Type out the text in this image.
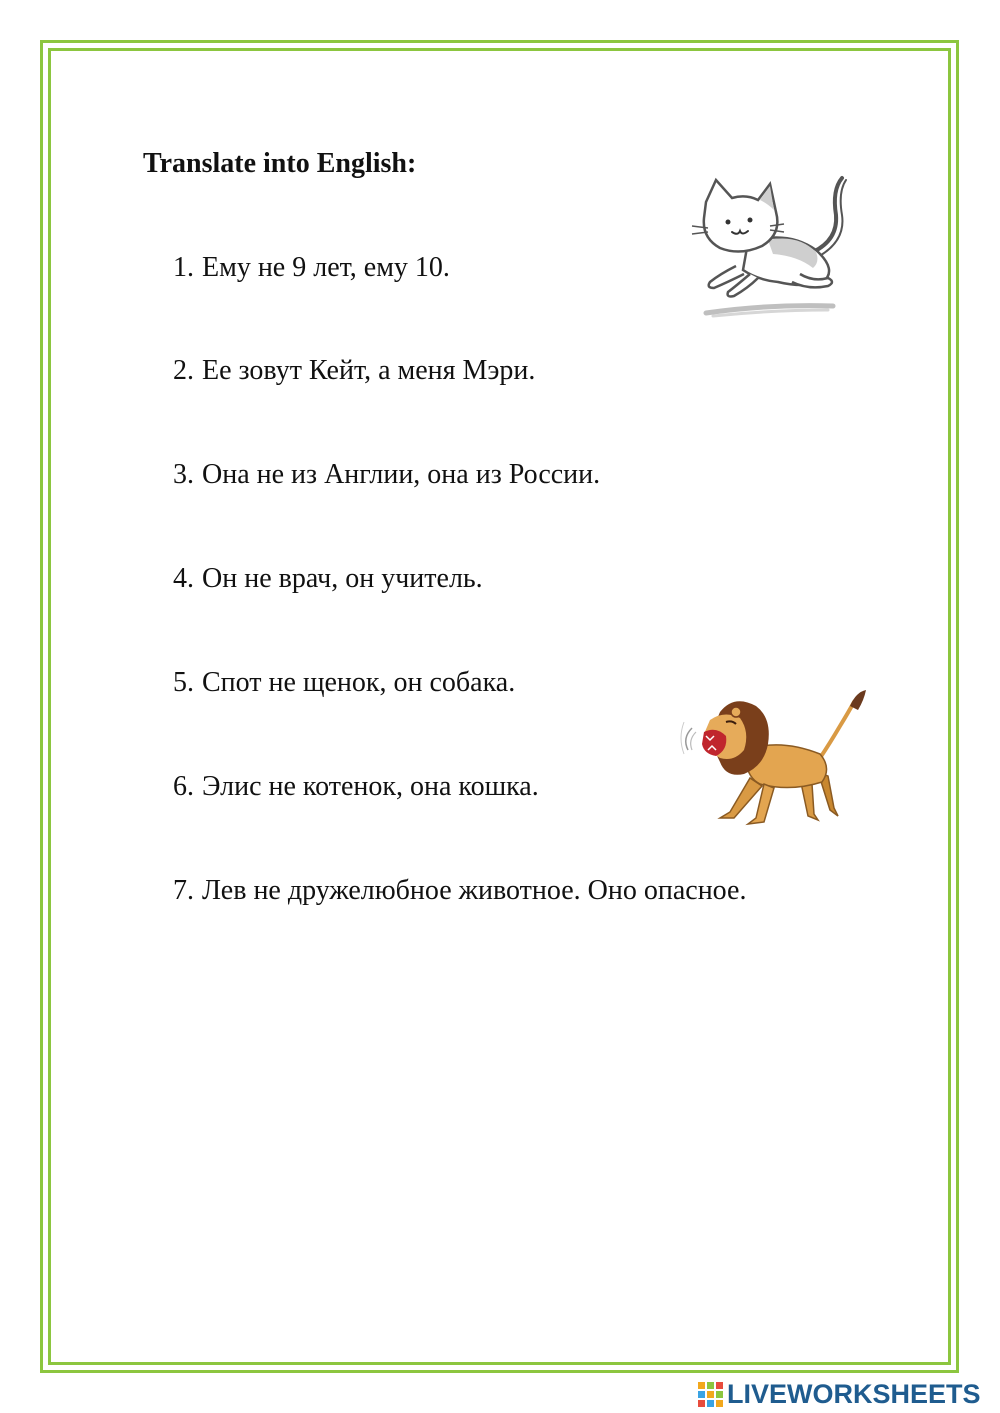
Translate into English:
1. Ему не 9 лет, ему 10.
2. Ее зовут Кейт, а меня Мэри.
3. Она не из Англии, она из России.
4. Он не врач, он учитель.
5. Спот не щенок, он собака.
6. Элис не котенок, она кошка.
7. Лев не дружелюбное животное. Оно опасное.
LIVEWORKSHEETS
